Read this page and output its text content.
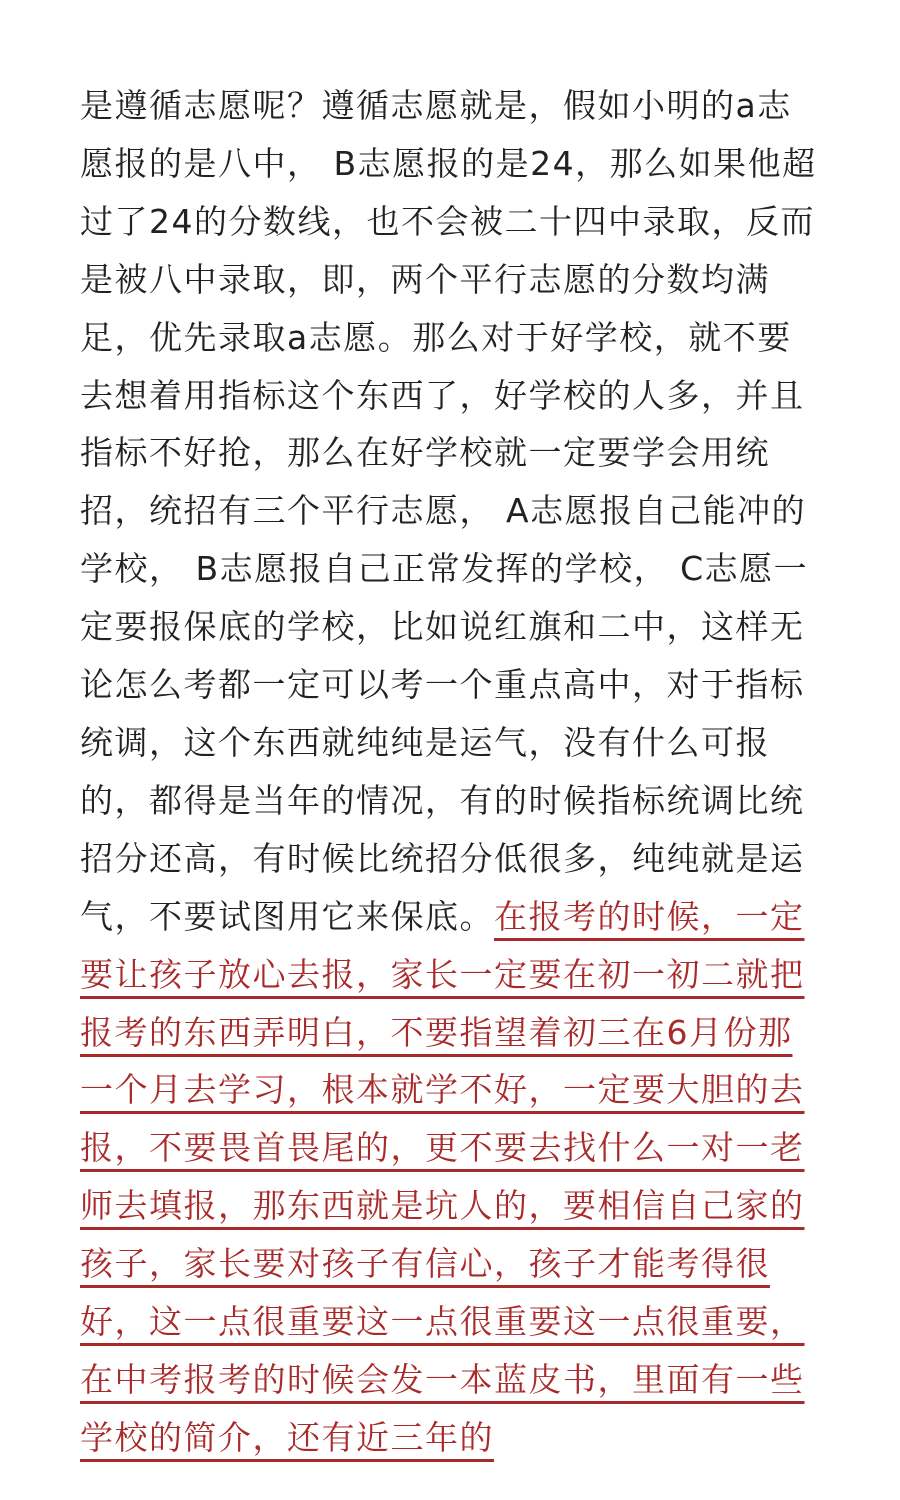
是遵循志愿呢？遵循志愿就是，假如小明的a志愿报的是八中， B志愿报的是24，那么如果他超过了24的分数线，也不会被二十四中录取，反而是被八中录取，即，两个平行志愿的分数均满足，优先录取a志愿。那么对于好学校，就不要去想着用指标这个东西了，好学校的人多，并且指标不好抢，那么在好学校就一定要学会用统招，统招有三个平行志愿， A志愿报自己能冲的学校， B志愿报自己正常发挥的学校， C志愿一定要报保底的学校，比如说红旗和二中，这样无论怎么考都一定可以考一个重点高中，对于指标统调，这个东西就纯纯是运气，没有什么可报的，都得是当年的情况，有的时候指标统调比统招分还高，有时候比统招分低很多，纯纯就是运气，不要试图用它来保底。在报考的时候，一定要让孩子放心去报，家长一定要在初一初二就把报考的东西弄明白，不要指望着初三在6月份那一个月去学习，根本就学不好，一定要大胆的去报，不要畏首畏尾的，更不要去找什么一对一老师去填报，那东西就是坑人的，要相信自己家的孩子，家长要对孩子有信心，孩子才能考得很好，这一点很重要这一点很重要这一点很重要，在中考报考的时候会发一本蓝皮书，里面有一些学校的简介，还有近三年的
